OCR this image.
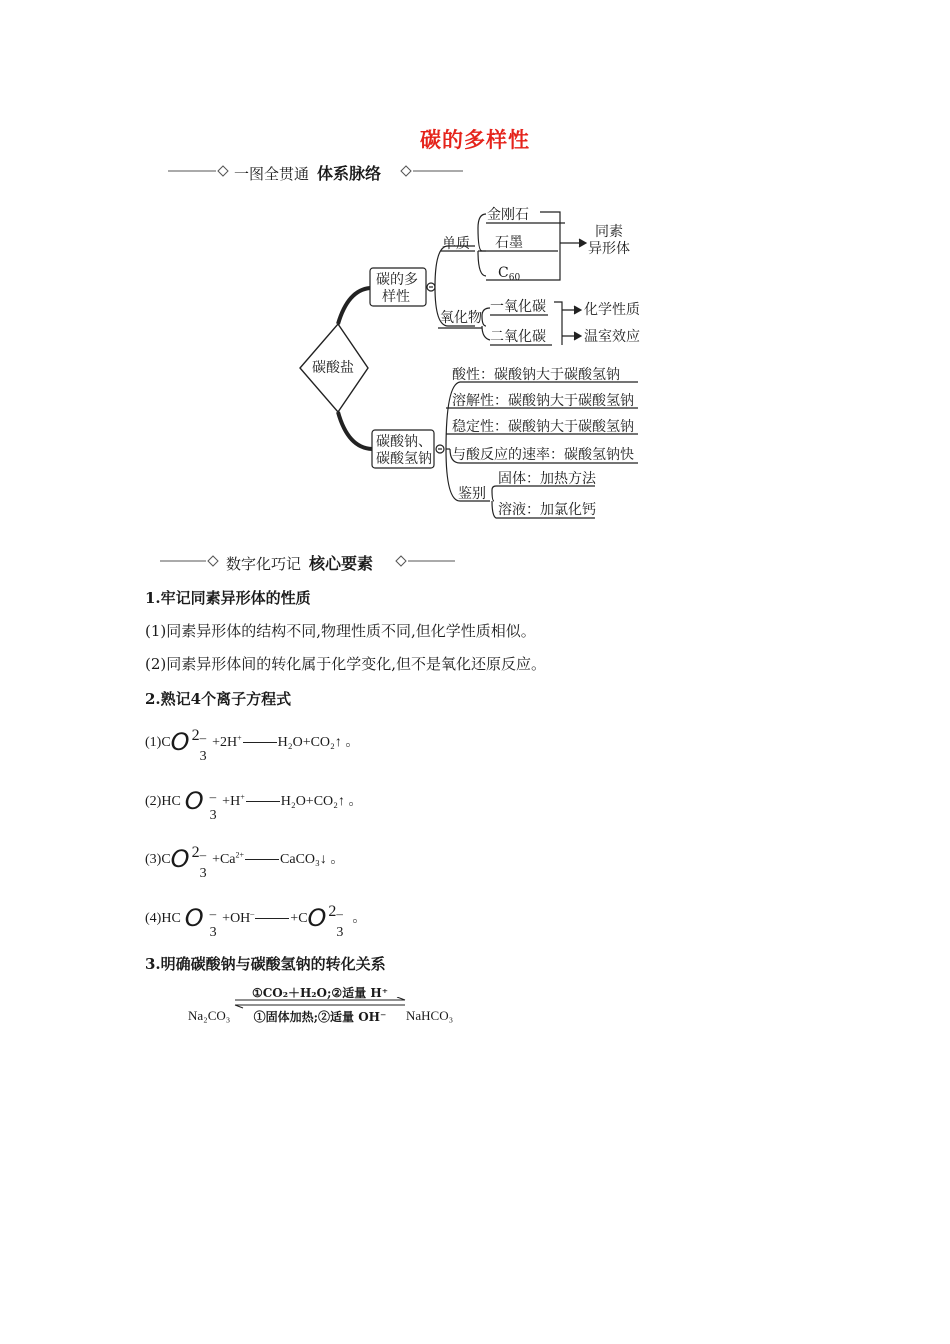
碳的多样性
一图全贯通 体系脉络
碳酸盐
碳的多
样性
单质
金刚石
石墨
$C_{60}$
同素
异形体
氧化物
一氧化碳
二氧化碳
化学性质
温室效应
碳酸钠、
碳酸氢钠
酸性：碳酸钠大于碳酸氢钠
溶解性：碳酸钠大于碳酸氢钠
稳定性：碳酸钠大于碳酸氢钠
与酸反应的速率：碳酸氢钠快
鉴别
固体：加热方法
溶液：加氯化钙
数字化巧记 核心要素
1.牢记同素异形体的性质
(1)同素异形体的结构不同,物理性质不同,但化学性质相似。
(2)同素异形体间的转化属于化学变化,但不是氧化还原反应。
2.熟记4个离子方程式
(1)CO 23– +2H+	H₂O+CO₂↑ 。
(2)HC O3– +H+	H₂O+CO₂↑ 。
(3)CO $23- +Ca^{2+}$	CaCO₃↓ 。
(4)HC O3– +OH–	+CO 23– 。
3.明确碳酸钠与碳酸氢钠的转化关系
Na₂CO₃
①CO₂＋H₂O;②适量 H⁺
①固体加热;②适量 OH⁻	NaHCO₃
